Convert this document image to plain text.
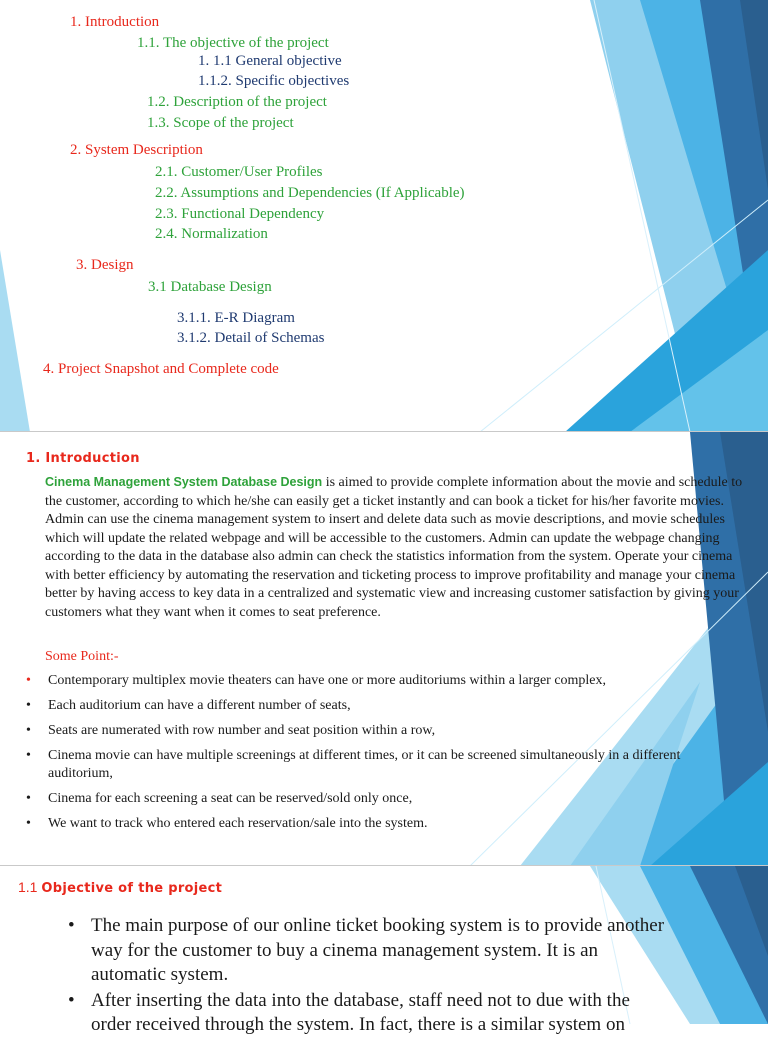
1. Introduction

1.1. The objective of the project

1. 1.1 General objective

1.1.2. Specific objectives

1.2. Description of the project

1.3. Scope of the project

2. System Description

2.1. Customer/User Profiles

2.2. Assumptions and Dependencies (If Applicable)

2.3. Functional Dependency

2.4. Normalization

3. Design

3.1 Database Design

3.1.1. E-R Diagram

3.1.2. Detail of Schemas

4. Project Snapshot and Complete code

1. Introduction

Cinema Management System Database Design is aimed to provide complete information about the movie and schedule to the customer, according to which he/she can easily get a ticket instantly and can book a ticket for his/her favorite movies. Admin can use the cinema management system to insert and delete data such as movie descriptions, and movie schedules which will update the related webpage and will be accessible to the customers. Admin can update the webpage changing according to the data in the database also admin can check the statistics information from the system. Operate your cinema with better efficiency by automating the reservation and ticketing process to improve profitability and manage your cinema better by having access to key data in a centralized and systematic view and increasing customer satisfaction by giving your customers what they want when it comes to seat preference.

Some Point:-

• Contemporary multiplex movie theaters can have one or more auditoriums within a larger complex,
• Each auditorium can have a different number of seats,
• Seats are numerated with row number and seat position within a row,
• Cinema movie can have multiple screenings at different times, or it can be screened simultaneously in a different auditorium,
• Cinema for each screening a seat can be reserved/sold only once,
• We want to track who entered each reservation/sale into the system.

1.1 Objective of the project

• The main purpose of our online ticket booking system is to provide another way for the customer to buy a cinema management system. It is an automatic system.
• After inserting the data into the database, staff need not to due with the order received through the system. In fact, there is a similar system on
